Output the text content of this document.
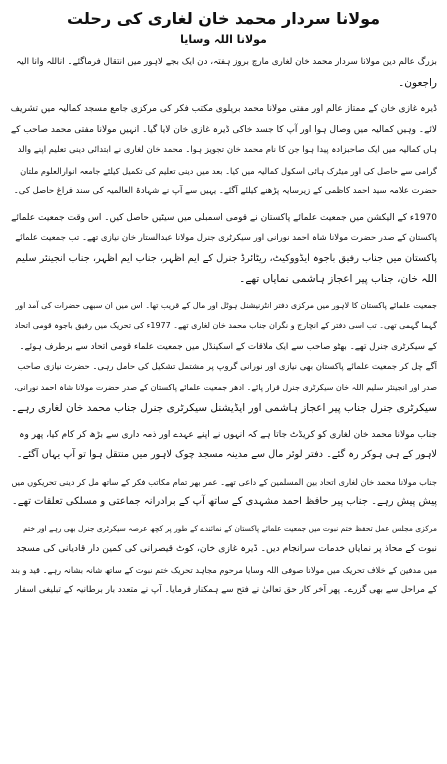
مولانا سردار محمد خان لغاری کی رحلت
مولانا اللہ وسایا
بزرگ عالم دین مولانا سردار محمد خان لغاری مارچ بروز ہفتہ، دن ایک بجے لاہور میں انتقال فرماگئے۔ اناللہ وانا الیہ
راجعون۔
ڈیرہ غازی خان کے ممتاز عالم اور مفتی مولانا محمد بریلوی مکتب فکر کی مرکزی جامع مسجد کمالیہ میں تشریف
لائے۔ وہیں کمالیہ میں وصال ہوا اور آپ کا جسد خاکی ڈیرہ غازی خان لایا گیا۔ انہیں مولانا مفتی محمد صاحب کے
ہاں کمالیہ میں ایک صاحبزادہ پیدا ہوا جن کا نام محمد خان تجویز ہوا۔ محمد خان لغاری نے ابتدائی دینی تعلیم اپنے والد
گرامی سے حاصل کی اور میٹرک ہائی اسکول کمالیہ میں کیا۔ بعد میں دینی تعلیم کی تکمیل کیلئے جامعہ انوارالعلوم ملتان
حضرت علامہ سید احمد کاظمی کے زیرسایہ پڑھنے کیلئے آگئے۔ یہیں سے آپ نے شہادۃ العالمیہ کی سند فراغ حاصل کی۔
1970ء کے الیکشن میں جمعیت علمائے پاکستان نے قومی اسمبلی میں سیٹیں حاصل کیں۔ اس وقت جمعیت علمائے
پاکستان کے صدر حضرت مولانا شاہ احمد نورانی اور سیکرٹری جنرل مولانا عبدالستار خان نیازی تھے۔ تب جمعیت علمائے
پاکستان میں جناب رفیق باجوہ ایڈووکیٹ، ریٹائرڈ جنرل کے ایم اظہر، جناب ایم اظہر، جناب انجینئر سلیم
اللہ خان، جناب پیر اعجاز ہاشمی نمایاں تھے۔
جمعیت علمائے پاکستان کا لاہور میں مرکزی دفتر انٹرنیشنل ہوٹل اور مال کے قریب تھا۔ اس میں ان سبھی حضرات کی آمد اور
گہما گہمی تھی۔ تب اسی دفتر کے انچارج و نگران جناب محمد خان لغاری تھے۔ 1977ء کی تحریک میں رفیق باجوہ قومی اتحاد
کے سیکرٹری جنرل تھے۔ بھٹو صاحب سے ایک ملاقات کے اسکینڈل میں جمعیت علماء قومی اتحاد سے برطرف ہوئے۔
آگے چل کر جمعیت علمائے پاکستان بھی نیازی اور نورانی گروپ پر مشتمل تشکیل کی حامل رہی۔ حضرت نیازی صاحب
صدر اور انجینئر سلیم اللہ خان سیکرٹری جنرل قرار پائے۔ ادھر جمعیت علمائے پاکستان کے صدر حضرت مولانا شاہ احمد نورانی،
سیکرٹری جنرل جناب پیر اعجاز ہاشمی اور ایڈیشنل سیکرٹری جنرل جناب محمد خان لغاری رہے۔
جناب مولانا محمد خان لغاری کو کریڈٹ جاتا ہے کہ انہوں نے اپنے عہدے اور ذمہ داری سے بڑھ کر کام کیا، پھر وہ
لاہور کے ہی ہوکر رہ گئے۔ دفتر لوئر مال سے مدینہ مسجد چوک لاہور میں منتقل ہوا تو آپ یہاں آگئے۔
جناب مولانا محمد خان لغاری اتحاد بین المسلمین کے داعی تھے۔ عمر بھر تمام مکاتب فکر کے ساتھ مل کر دینی تحریکوں میں
پیش پیش رہے۔ جناب پیر حافظ احمد مشہدی کے ساتھ آپ کے برادرانہ جماعتی و مسلکی تعلقات تھے۔
مرکزی مجلس عمل تحفظ ختم نبوت میں جمعیت علمائے پاکستان کے نمائندے کے طور پر کچھ عرصہ سیکرٹری جنرل بھی رہے اور ختم
نبوت کے محاذ پر نمایاں خدمات سرانجام دیں۔ ڈیرہ غازی خان، کوٹ قیصرانی کی کمین دار قادیانی کی مسجد
میں مدفین کے خلاف تحریک میں مولانا صوفی اللہ وسایا مرحوم مجاہد تحریک ختم نبوت کے ساتھ شانہ بشانہ رہے۔ قید و بند
کے مراحل سے بھی گزرے۔ پھر آخر کار حق تعالیٰ نے فتح سے ہمکنار فرمایا۔ آپ نے متعدد بار برطانیہ کے تبلیغی اسفار
